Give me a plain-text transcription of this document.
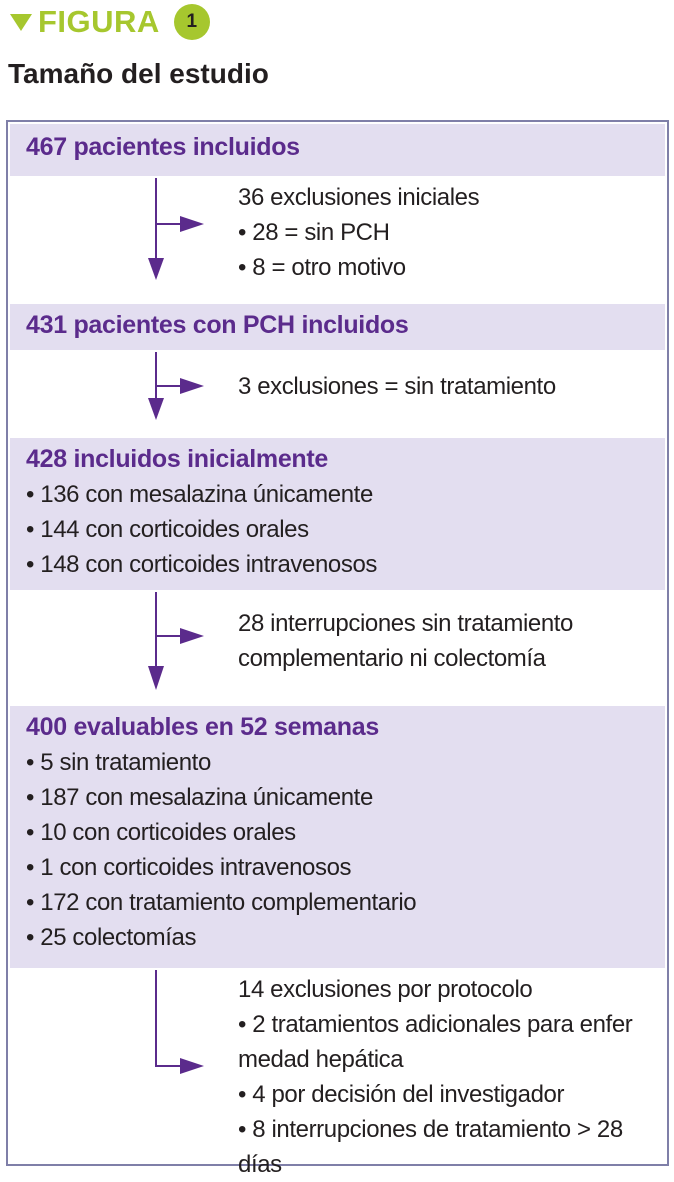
FIGURA	1
Tamaño del estudio
467 pacientes incluidos
36 exclusiones iniciales
• 28 = sin PCH
• 8 = otro motivo
431 pacientes con PCH incluidos
3 exclusiones = sin tratamiento
428 incluidos inicialmente
• 136 con mesalazina únicamente
• 144 con corticoides orales
• 148 con corticoides intravenosos
28 interrupciones sin tratamiento
complementario ni colectomía
400 evaluables en 52 semanas
• 5 sin tratamiento
• 187 con mesalazina únicamente
• 10 con corticoides orales
• 1 con corticoides intravenosos
• 172 con tratamiento complementario
• 25 colectomías
14 exclusiones por protocolo
• 2 tratamientos adicionales para enfer
medad hepática
• 4 por decisión del investigador
• 8 interrupciones de tratamiento > 28 días
